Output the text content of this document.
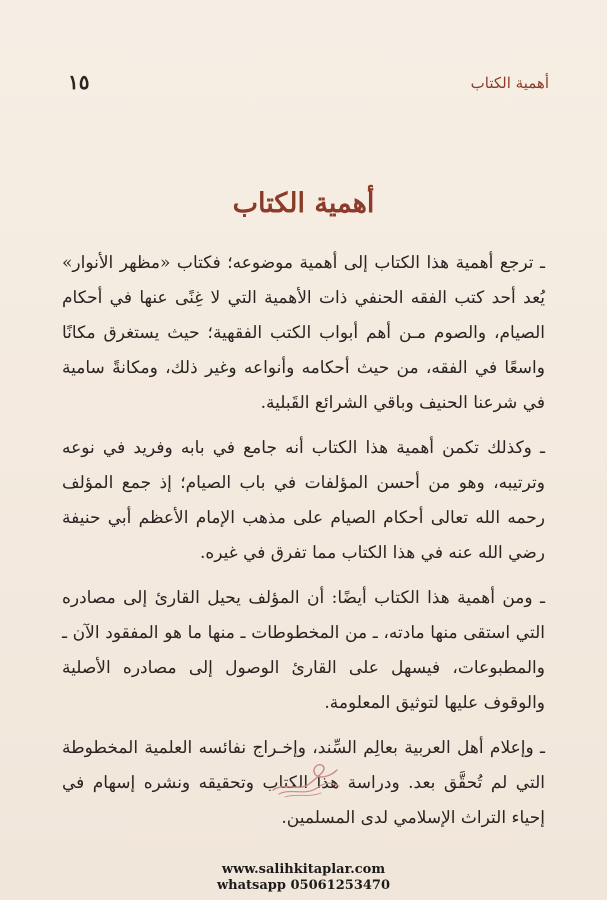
أهمية الكتاب
١٥
أهمية الكتاب

ـ ترجع أهمية هذا الكتاب إلى أهمية موضوعه؛ فكتاب «مظهر الأنوار» يُعد أحد كتب الفقه الحنفي ذات الأهمية التي لا غِنًى عنها في أحكام الصيام، والصوم مـن أهم أبواب الكتب الفقهية؛ حيث يستغرق مكانًا واسعًا في الفقه، من حيث أحكامه وأنواعه وغير ذلك، ومكانةً سامية في شرعنا الحنيف وباقي الشرائع القَبلية.

ـ وكذلك تكمن أهمية هذا الكتاب أنه جامع في بابه وفريد في نوعه وترتيبه، وهو من أحسن المؤلفات في باب الصيام؛ إذ جمع المؤلف رحمه الله تعالى أحكام الصيام على مذهب الإمام الأعظم أبي حنيفة رضي الله عنه في هذا الكتاب مما تفرق في غيره.

ـ ومن أهمية هذا الكتاب أيضًا: أن المؤلف يحيل القارئ إلى مصادره التي استقى منها مادته، ـ من المخطوطات ـ منها ما هو المفقود الآن ـ والمطبوعات، فيسهل على القارئ الوصول إلى مصادره الأصلية والوقوف عليها لتوثيق المعلومة.

ـ وإعلام أهل العربية بعالِم السِّند، وإخـراج نفائسه العلمية المخطوطة التي لم تُحقَّق بعد. ودراسة هذا الكتاب وتحقيقه ونشره إسهام في إحياء التراث الإسلامي لدى المسلمين.

www.salihkitaplar.com
whatsapp 05061253470
